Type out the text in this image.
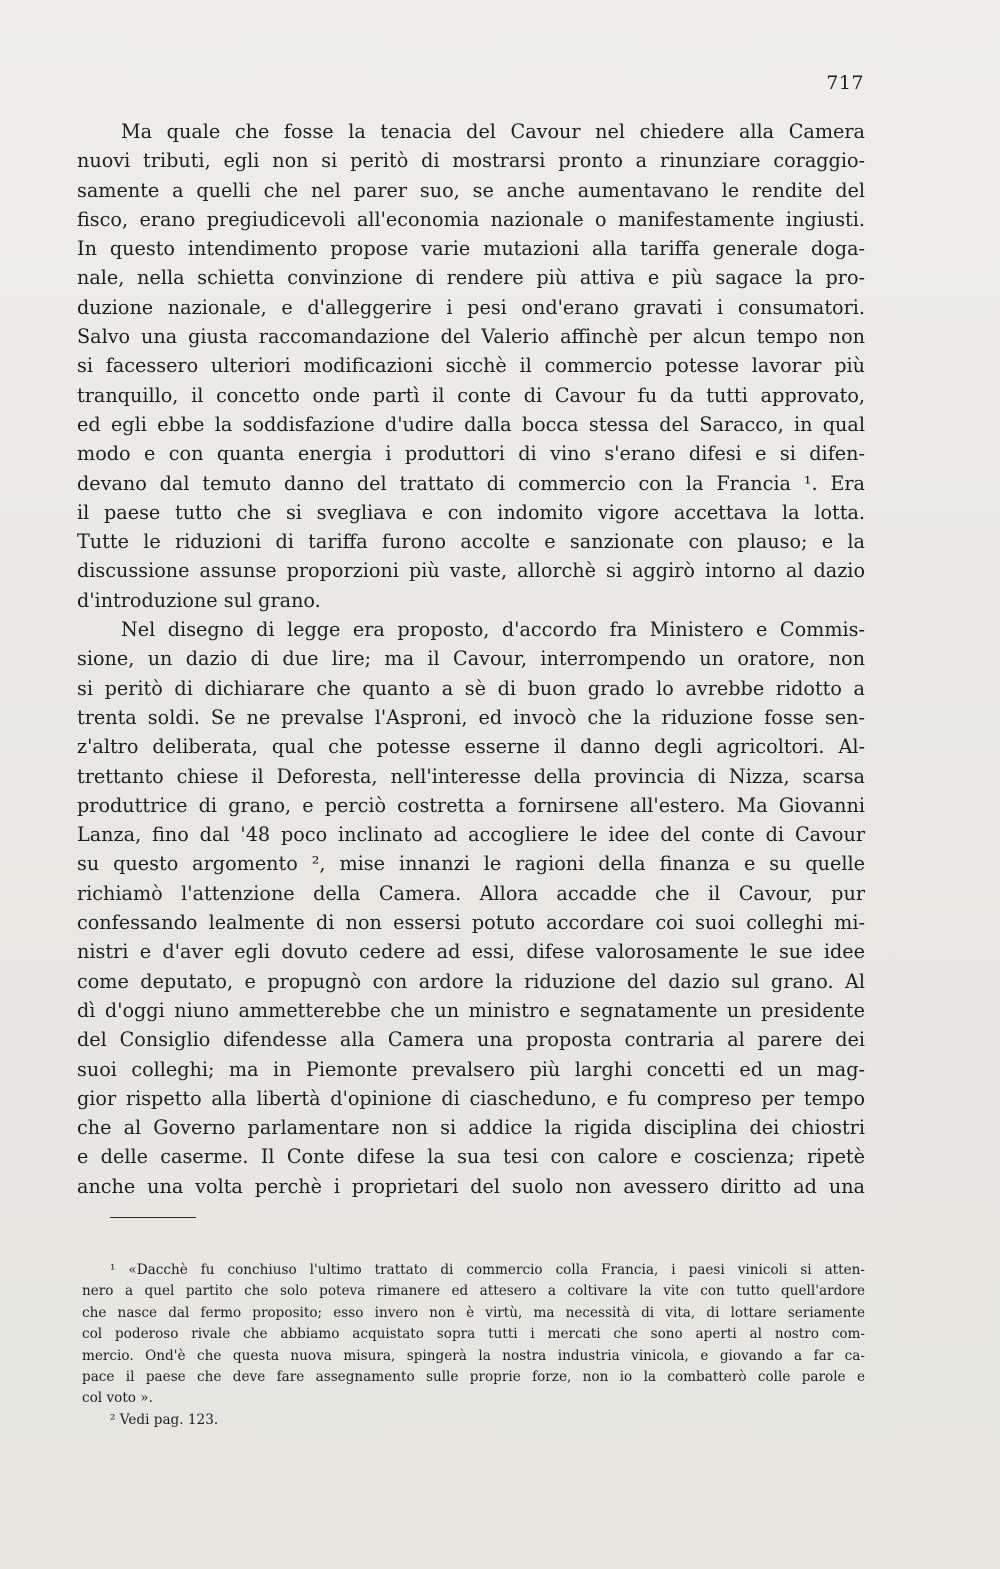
717
Ma quale che fosse la tenacia del Cavour nel chiedere alla Camera
nuovi tributi, egli non si peritò di mostrarsi pronto a rinunziare coraggio-
samente a quelli che nel parer suo, se anche aumentavano le rendite del
fisco, erano pregiudicevoli all'economia nazionale o manifestamente ingiusti.
In questo intendimento propose varie mutazioni alla tariffa generale doga-
nale, nella schietta convinzione di rendere più attiva e più sagace la pro-
duzione nazionale, e d'alleggerire i pesi ond'erano gravati i consumatori.
Salvo una giusta raccomandazione del Valerio affinchè per alcun tempo non
si facessero ulteriori modificazioni sicchè il commercio potesse lavorar più
tranquillo, il concetto onde partì il conte di Cavour fu da tutti approvato,
ed egli ebbe la soddisfazione d'udire dalla bocca stessa del Saracco, in qual
modo e con quanta energia i produttori di vino s'erano difesi e si difen-
devano dal temuto danno del trattato di commercio con la Francia ¹. Era
il paese tutto che si svegliava e con indomito vigore accettava la lotta.
Tutte le riduzioni di tariffa furono accolte e sanzionate con plauso; e la
discussione assunse proporzioni più vaste, allorchè si aggirò intorno al dazio
d'introduzione sul grano.
Nel disegno di legge era proposto, d'accordo fra Ministero e Commis-
sione, un dazio di due lire; ma il Cavour, interrompendo un oratore, non
si peritò di dichiarare che quanto a sè di buon grado lo avrebbe ridotto a
trenta soldi. Se ne prevalse l'Asproni, ed invocò che la riduzione fosse sen-
z'altro deliberata, qual che potesse esserne il danno degli agricoltori. Al-
trettanto chiese il Deforesta, nell'interesse della provincia di Nizza, scarsa
produttrice di grano, e perciò costretta a fornirsene all'estero. Ma Giovanni
Lanza, fino dal '48 poco inclinato ad accogliere le idee del conte di Cavour
su questo argomento ², mise innanzi le ragioni della finanza e su quelle
richiamò l'attenzione della Camera. Allora accadde che il Cavour, pur
confessando lealmente di non essersi potuto accordare coi suoi colleghi mi-
nistri e d'aver egli dovuto cedere ad essi, difese valorosamente le sue idee
come deputato, e propugnò con ardore la riduzione del dazio sul grano. Al
dì d'oggi niuno ammetterebbe che un ministro e segnatamente un presidente
del Consiglio difendesse alla Camera una proposta contraria al parere dei
suoi colleghi; ma in Piemonte prevalsero più larghi concetti ed un mag-
gior rispetto alla libertà d'opinione di ciascheduno, e fu compreso per tempo
che al Governo parlamentare non si addice la rigida disciplina dei chiostri
e delle caserme. Il Conte difese la sua tesi con calore e coscienza; ripetè
anche una volta perchè i proprietari del suolo non avessero diritto ad una
¹ «Dacchè fu conchiuso l'ultimo trattato di commercio colla Francia, i paesi vinicoli si atten-
nero a quel partito che solo poteva rimanere ed attesero a coltivare la vite con tutto quell'ardore
che nasce dal fermo proposito; esso invero non è virtù, ma necessità di vita, di lottare seriamente
col poderoso rivale che abbiamo acquistato sopra tutti i mercati che sono aperti al nostro com-
mercio. Ond'è che questa nuova misura, spingerà la nostra industria vinicola, e giovando a far ca-
pace il paese che deve fare assegnamento sulle proprie forze, non io la combatterò colle parole e
col voto ».
² Vedi pag. 123.
